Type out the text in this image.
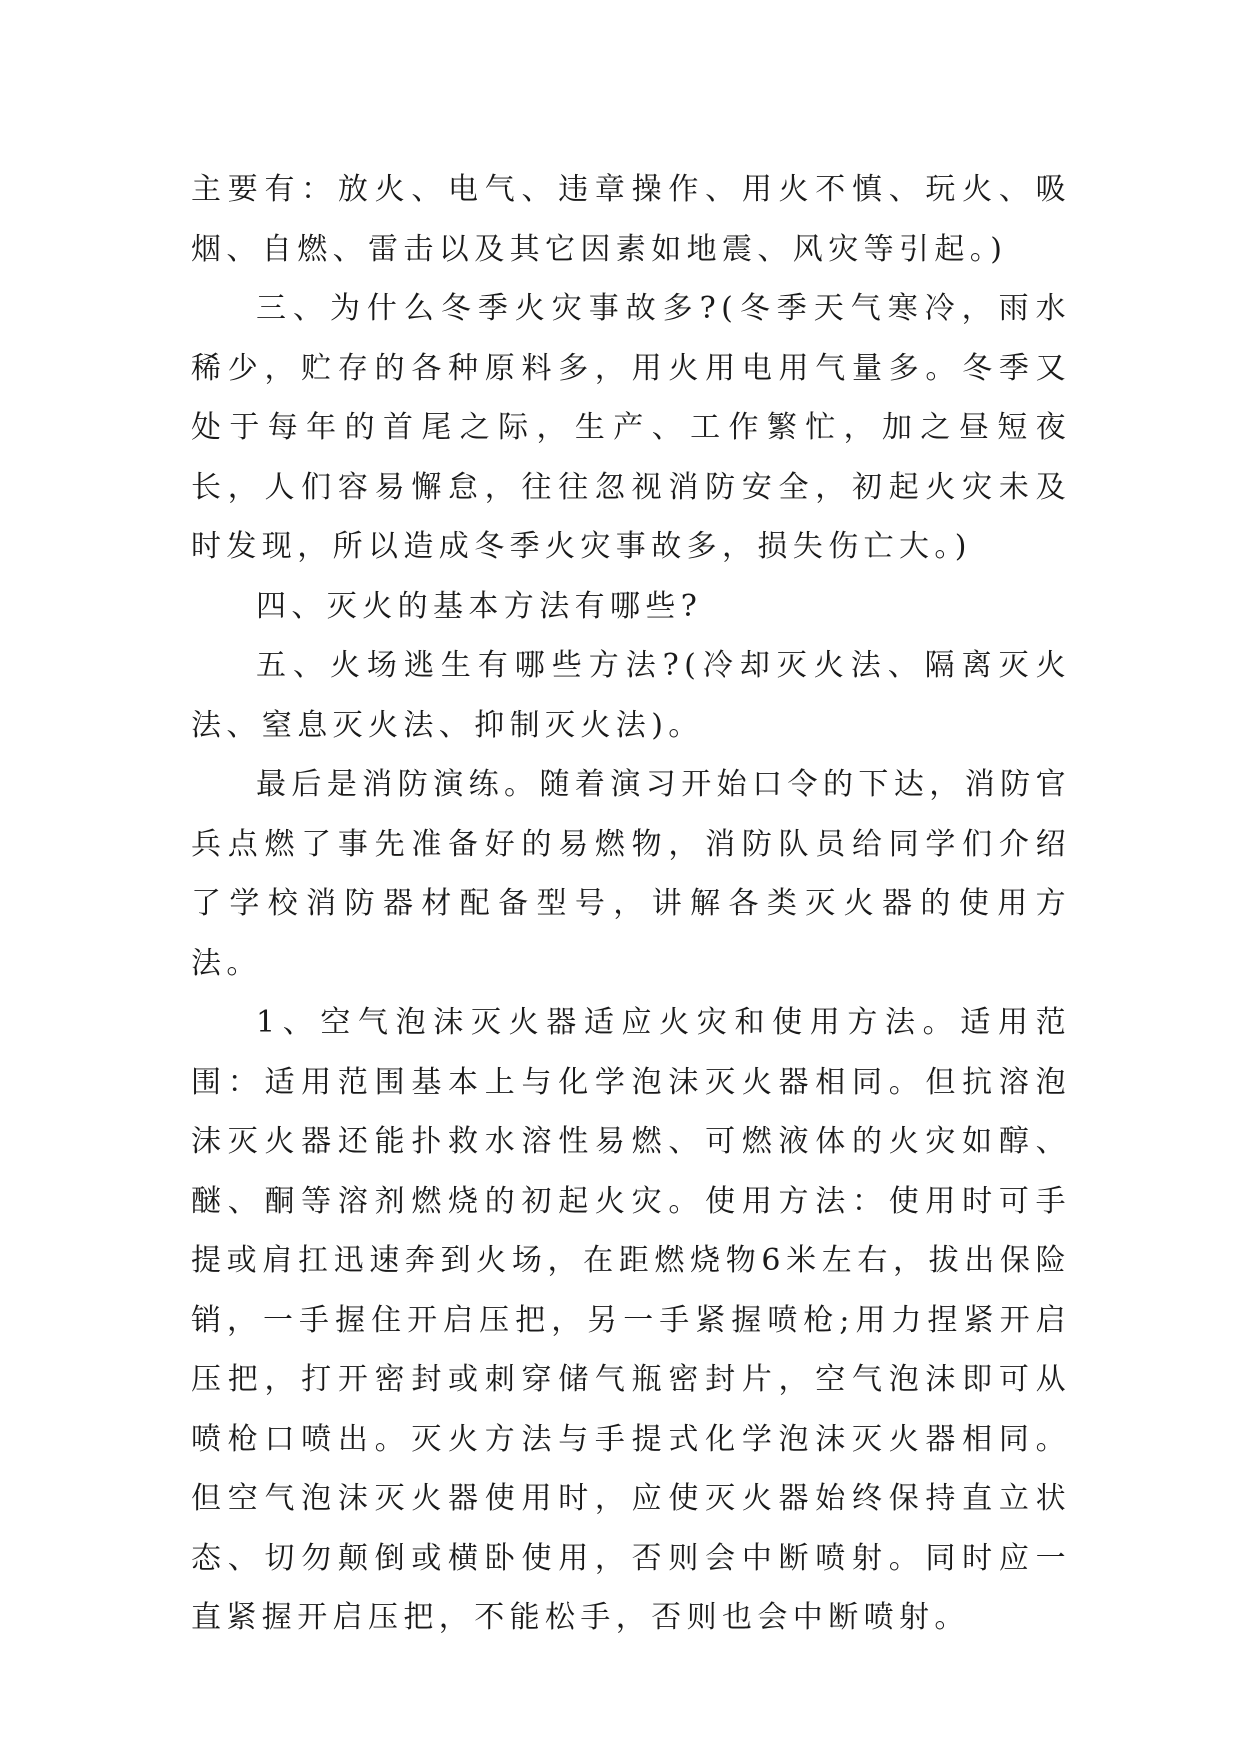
主要有：放火、电气、违章操作、用火不慎、玩火、吸烟、自燃、雷击以及其它因素如地震、风灾等引起。)

三、为什么冬季火灾事故多?(冬季天气寒冷，雨水稀少，贮存的各种原料多，用火用电用气量多。冬季又处于每年的首尾之际，生产、工作繁忙，加之昼短夜长，人们容易懈怠，往往忽视消防安全，初起火灾未及时发现，所以造成冬季火灾事故多，损失伤亡大。)

四、灭火的基本方法有哪些?

五、火场逃生有哪些方法?(冷却灭火法、隔离灭火法、窒息灭火法、抑制灭火法)。

最后是消防演练。随着演习开始口令的下达，消防官兵点燃了事先准备好的易燃物，消防队员给同学们介绍了学校消防器材配备型号，讲解各类灭火器的使用方法。

1、空气泡沫灭火器适应火灾和使用方法。适用范围：适用范围基本上与化学泡沫灭火器相同。但抗溶泡沫灭火器还能扑救水溶性易燃、可燃液体的火灾如醇、醚、酮等溶剂燃烧的初起火灾。使用方法：使用时可手提或肩扛迅速奔到火场，在距燃烧物6米左右，拔出保险销，一手握住开启压把，另一手紧握喷枪;用力捏紧开启压把，打开密封或刺穿储气瓶密封片，空气泡沫即可从喷枪口喷出。灭火方法与手提式化学泡沫灭火器相同。但空气泡沫灭火器使用时，应使灭火器始终保持直立状态、切勿颠倒或横卧使用，否则会中断喷射。同时应一直紧握开启压把，不能松手，否则也会中断喷射。
